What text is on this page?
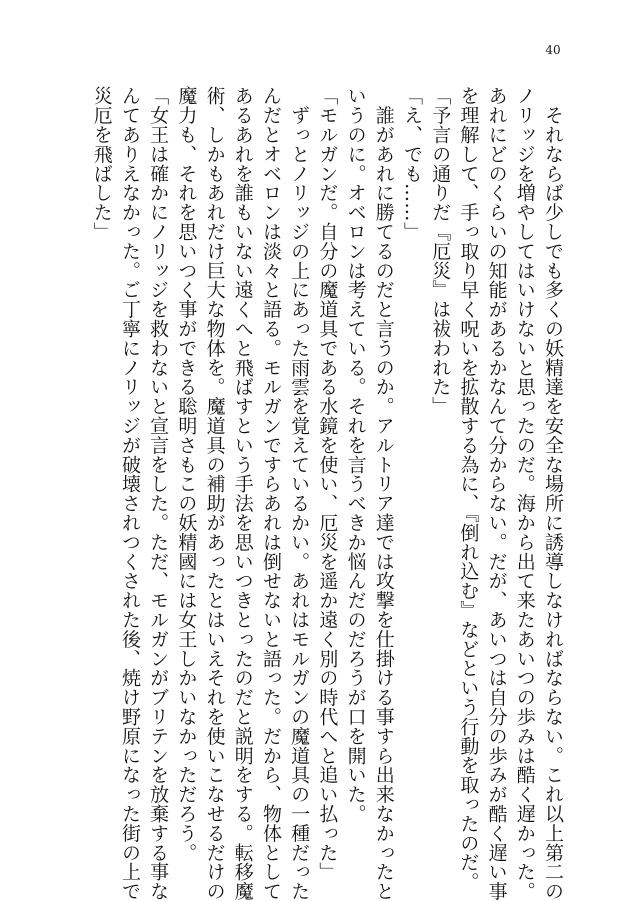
40

　それならば少しでも多くの妖精達を安全な場所に誘導しなければならない。これ以上第二の

ノリッジを増やしてはいけないと思ったのだ。海から出て来たあいつの歩みは酷く遅かった。

あれにどのくらいの知能があるかなんて分からない。だが、あいつは自分の歩みが酷く遅い事

を理解して、手っ取り早く呪いを拡散する為に、『倒れ込む』などという行動を取ったのだ。

「予言の通りだ『厄災』は祓われた」

「え、でも……」

　誰があれに勝てるのだと言うのか。アルトリア達では攻撃を仕掛ける事すら出来なかったと

いうのに。オベロンは考えている。それを言うべきか悩んだのだろうが口を開いた。

「モルガンだ。自分の魔道具である水鏡を使い、厄災を遥か遠く別の時代へと追い払った」

　ずっとノリッジの上にあった雨雲を覚えているかい。あれはモルガンの魔道具の一種だった

んだとオベロンは淡々と語る。モルガンですらあれは倒せないと語った。だから、物体として

あるあれを誰もいない遠くへと飛ばすという手法を思いつきとったのだと説明をする。転移魔

術、しかもあれだけ巨大な物体を。魔道具の補助があったとはいえそれを使いこなせるだけの

魔力も、それを思いつく事ができる聡明さもこの妖精國には女王しかいなかっただろう。

「女王は確かにノリッジを救わないと宣言をした。ただ、モルガンがブリテンを放棄する事な

んてありえなかった。ご丁寧にノリッジが破壊されつくされた後、焼け野原になった街の上で

災厄を飛ばした」
